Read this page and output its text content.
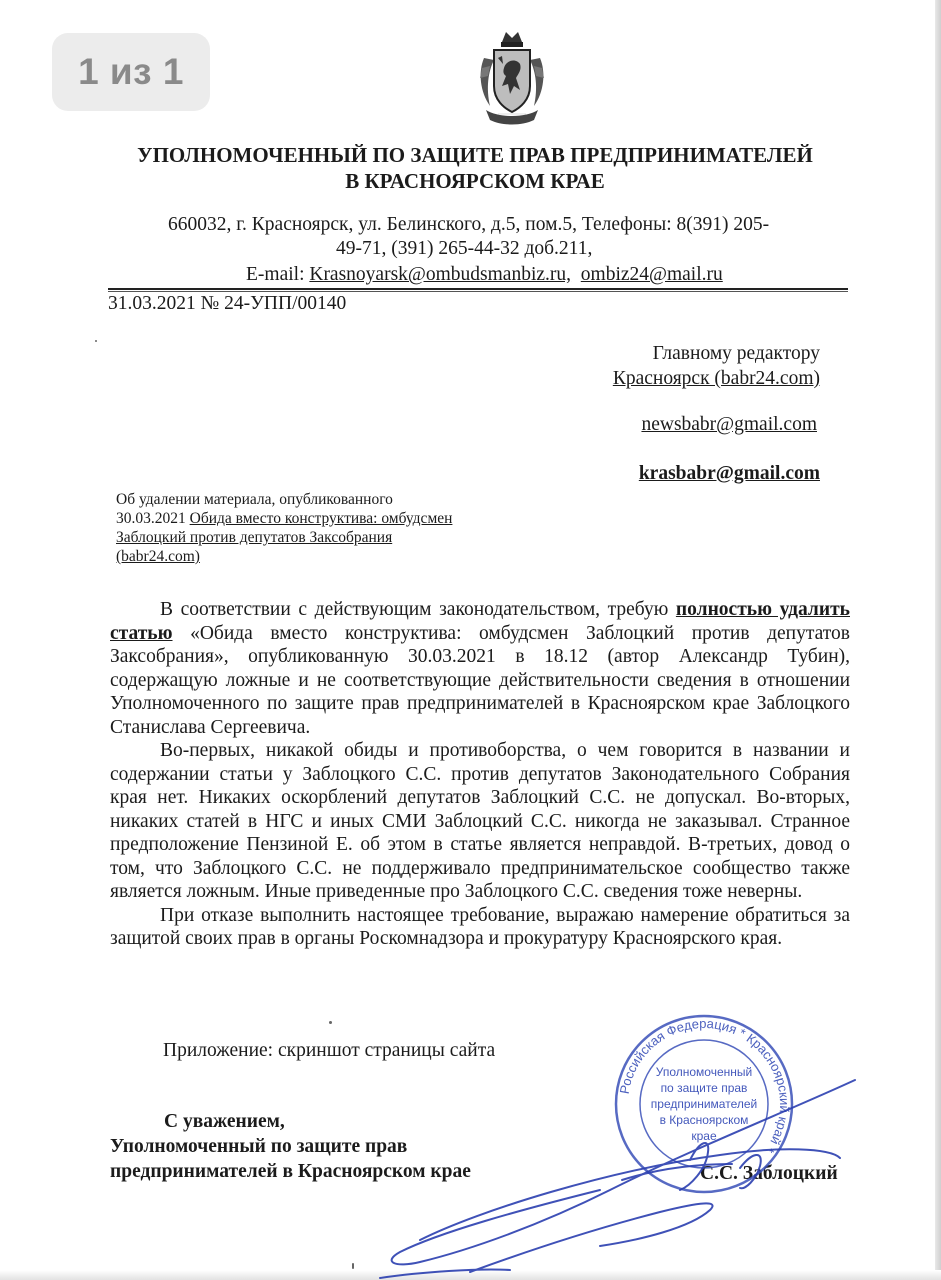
1 из 1
УПОЛНОМОЧЕННЫЙ ПО ЗАЩИТЕ ПРАВ ПРЕДПРИНИМАТЕЛЕЙ
В КРАСНОЯРСКОМ КРАЕ
660032, г. Красноярск, ул. Белинского, д.5, пом.5, Телефоны: 8(391) 205-
49-71, (391) 265-44-32 доб.211,
E-mail: Krasnoyarsk@ombudsmanbiz.ru, ombiz24@mail.ru
31.03.2021 № 24-УПП/00140
Главному редактору
Красноярск (babr24.com)
newsbabr@gmail.com
krasbabr@gmail.com
Об удалении материала, опубликованного
30.03.2021 Обида вместо конструктива: омбудсмен
Заблоцкий против депутатов Заксобрания
(babr24.com)

В соответствии с действующим законодательством, требую полностью удалить статью «Обида вместо конструктива: омбудсмен Заблоцкий против депутатов Заксобрания», опубликованную 30.03.2021 в 18.12 (автор Александр Тубин), содержащую ложные и не соответствующие действительности сведения в отношении Уполномоченного по защите прав предпринимателей в Красноярском крае Заблоцкого Станислава Сергеевича.

Во-первых, никакой обиды и противоборства, о чем говорится в названии и содержании статьи у Заблоцкого С.С. против депутатов Законодательного Собрания края нет. Никаких оскорблений депутатов Заблоцкий С.С. не допускал. Во-вторых, никаких статей в НГС и иных СМИ Заблоцкий С.С. никогда не заказывал. Странное предположение Пензиной Е. об этом в статье является неправдой. В-третьих, довод о том, что Заблоцкого С.С. не поддерживало предпринимательское сообщество также является ложным. Иные приведенные про Заблоцкого С.С. сведения тоже неверны.

При отказе выполнить настоящее требование, выражаю намерение обратиться за защитой своих прав в органы Роскомнадзора и прокуратуру Красноярского края.

Приложение: скриншот страницы сайта
С уважением,
Уполномоченный по защите прав
предпринимателей в Красноярском крае	С.С. Заблоцкий
Российская Федерация * Красноярский край *
Уполномоченный
по защите прав
предпринимателей
в Красноярском
крае
